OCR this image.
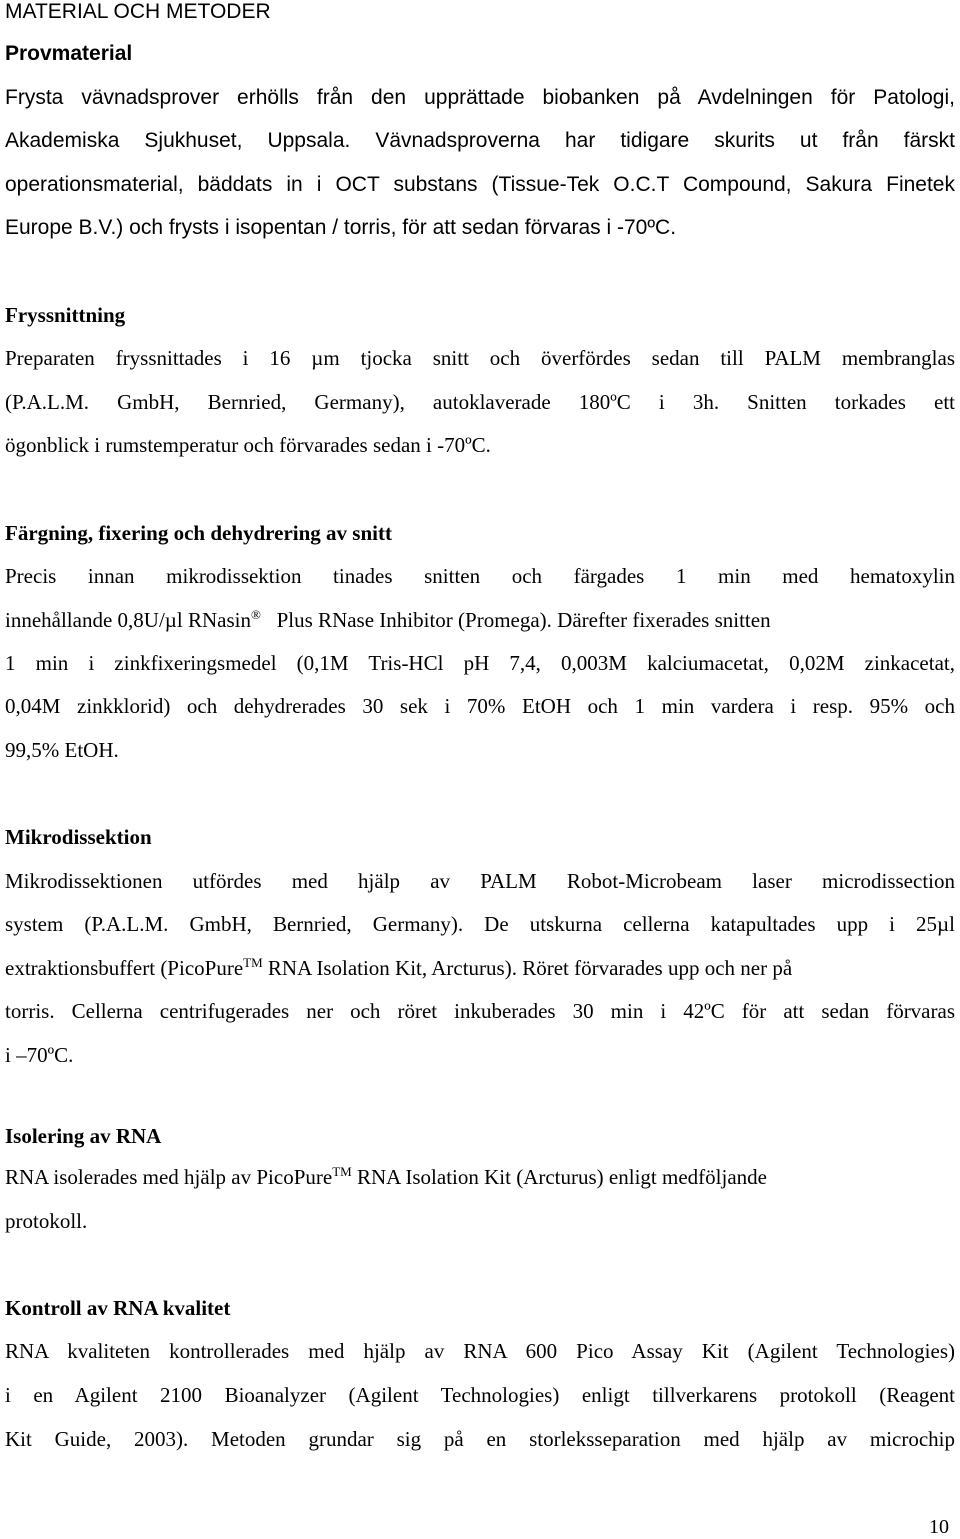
MATERIAL OCH METODER
Provmaterial
Frysta vävnadsprover erhölls från den upprättade biobanken på Avdelningen för Patologi,
Akademiska Sjukhuset, Uppsala. Vävnadsproverna har tidigare skurits ut från färskt
operationsmaterial, bäddats in i OCT substans (Tissue-Tek O.C.T Compound, Sakura Finetek
Europe B.V.) och frysts i isopentan / torris, för att sedan förvaras i -70ºC.
Fryssnittning
Preparaten fryssnittades i 16 µm tjocka snitt och överfördes sedan till PALM membranglas
(P.A.L.M. GmbH, Bernried, Germany), autoklaverade 180ºC i 3h. Snitten torkades ett
ögonblick i rumstemperatur och förvarades sedan i -70ºC.
Färgning, fixering och dehydrering av snitt
Precis innan mikrodissektion tinades snitten och färgades 1 min med hematoxylin
innehållande 0,8U/µl RNasin® Plus RNase Inhibitor (Promega). Därefter fixerades snitten
1 min i zinkfixeringsmedel (0,1M Tris-HCl pH 7,4, 0,003M kalciumacetat, 0,02M zinkacetat,
0,04M zinkklorid) och dehydrerades 30 sek i 70% EtOH och 1 min vardera i resp. 95% och
99,5% EtOH.
Mikrodissektion
Mikrodissektionen utfördes med hjälp av PALM Robot-Microbeam laser microdissection
system (P.A.L.M. GmbH, Bernried, Germany). De utskurna cellerna katapultades upp i 25µl
extraktionsbuffert (PicoPure™ RNA Isolation Kit, Arcturus). Röret förvarades upp och ner på
torris. Cellerna centrifugerades ner och röret inkuberades 30 min i 42ºC för att sedan förvaras
i –70ºC.
Isolering av RNA
RNA isolerades med hjälp av PicoPure™ RNA Isolation Kit (Arcturus) enligt medföljande
protokoll.
Kontroll av RNA kvalitet
RNA kvaliteten kontrollerades med hjälp av RNA 600 Pico Assay Kit (Agilent Technologies)
i en Agilent 2100 Bioanalyzer (Agilent Technologies) enligt tillverkarens protokoll (Reagent
Kit Guide, 2003). Metoden grundar sig på en storleksseparation med hjälp av microchip
10
